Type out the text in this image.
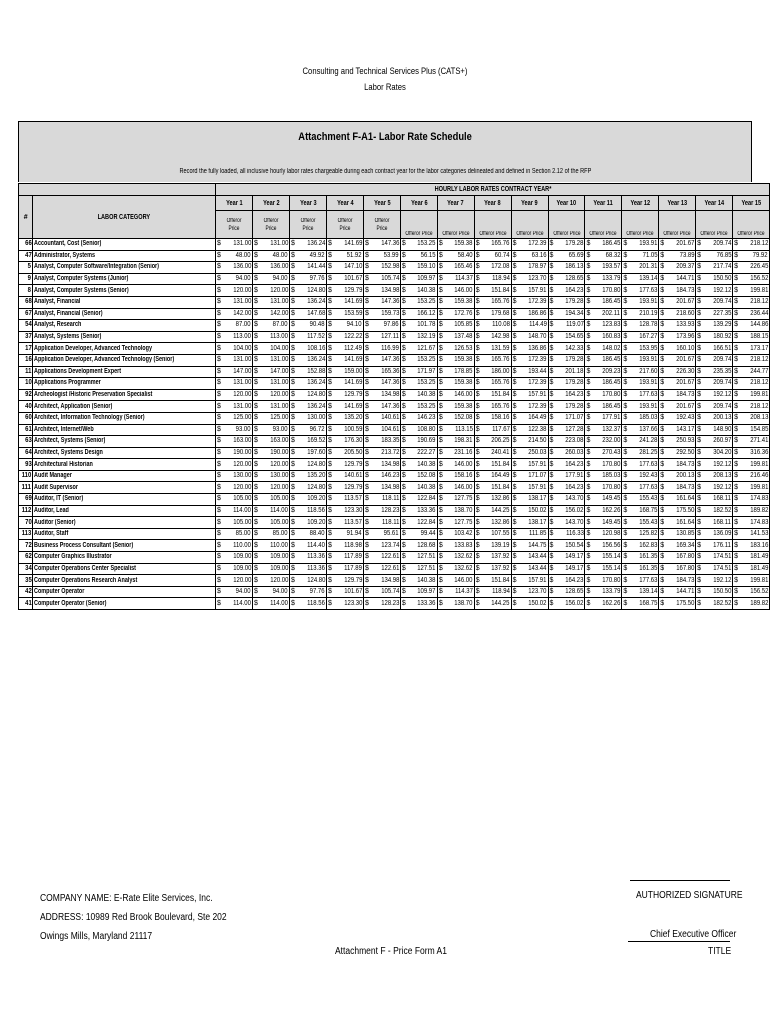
Consulting and Technical Services Plus (CATS+)
Labor Rates
Attachment F-A1- Labor Rate Schedule
Record the fully loaded, all inclusive hourly labor rates chargeable during each contract year for the labor categories delineated and defined in Section 2.12 of the RFP
		HOURLY LABOR RATES CONTRACT YEAR*														
#	LABOR CATEGORY	Year 1	Year 2	Year 3	Year 4	Year 5	Year 6	Year 7	Year 8	Year 9	Year 10	Year 11	Year 12	Year 13	Year 14	Year 15
		Offeror Price	Offeror Price	Offeror Price	Offeror Price	Offeror Price	Offeror Price	Offeror Price	Offeror Price	Offeror Price	Offeror Price	Offeror Price	Offeror Price	Offeror Price	Offeror Price	Offeror Price
66	Accountant, Cost (Senior)	$ 131.00	$ 131.00	$ 136.24	$ 141.69	$ 147.36	$ 153.25	$ 159.38	$ 165.76	$ 172.39	$ 179.28	$ 186.45	$ 193.91	$ 201.67	$ 209.74	$ 218.12
47	Administrator, Systems	$ 48.00	$ 48.00	$ 49.92	$ 51.92	$ 53.99	$ 56.15	$ 58.40	$ 60.74	$ 63.16	$ 65.69	$ 68.32	$ 71.05	$ 73.89	$ 76.85	$ 79.92
5	Analyst, Computer Software/Integration (Senior)	$ 136.00	$ 136.00	$ 141.44	$ 147.10	$ 152.98	$ 159.10	$ 165.46	$ 172.08	$ 178.97	$ 186.13	$ 193.57	$ 201.31	$ 209.37	$ 217.74	$ 226.45
9	Analyst, Computer Systems (Junior)	$ 94.00	$ 94.00	$ 97.76	$ 101.67	$ 105.74	$ 109.97	$ 114.37	$ 118.94	$ 123.70	$ 128.65	$ 133.79	$ 139.14	$ 144.71	$ 150.50	$ 156.52
8	Analyst, Computer Systems (Senior)	$ 120.00	$ 120.00	$ 124.80	$ 129.79	$ 134.98	$ 140.38	$ 146.00	$ 151.84	$ 157.91	$ 164.23	$ 170.80	$ 177.63	$ 184.73	$ 192.12	$ 199.81
68	Analyst, Financial	$ 131.00	$ 131.00	$ 136.24	$ 141.69	$ 147.36	$ 153.25	$ 159.38	$ 165.76	$ 172.39	$ 179.28	$ 186.45	$ 193.91	$ 201.67	$ 209.74	$ 218.12
67	Analyst, Financial (Senior)	$ 142.00	$ 142.00	$ 147.68	$ 153.59	$ 159.73	$ 166.12	$ 172.76	$ 179.68	$ 186.86	$ 194.34	$ 202.11	$ 210.19	$ 218.60	$ 227.35	$ 236.44
54	Analyst, Research	$ 87.00	$ 87.00	$ 90.48	$ 94.10	$ 97.86	$ 101.78	$ 105.85	$ 110.08	$ 114.49	$ 119.07	$ 123.83	$ 128.78	$ 133.93	$ 139.29	$ 144.86
37	Analyst, Systems (Senior)	$ 113.00	$ 113.00	$ 117.52	$ 122.22	$ 127.11	$ 132.19	$ 137.48	$ 142.98	$ 148.70	$ 154.65	$ 160.83	$ 167.27	$ 173.96	$ 180.92	$ 188.15
17	Application Developer, Advanced Technology	$ 104.00	$ 104.00	$ 108.16	$ 112.49	$ 116.99	$ 121.67	$ 126.53	$ 131.59	$ 136.86	$ 142.33	$ 148.02	$ 153.95	$ 160.10	$ 166.51	$ 173.17
16	Application Developer, Advanced Technology (Senior)	$ 131.00	$ 131.00	$ 136.24	$ 141.69	$ 147.36	$ 153.25	$ 159.38	$ 165.76	$ 172.39	$ 179.28	$ 186.45	$ 193.91	$ 201.67	$ 209.74	$ 218.12
11	Applications Development Expert	$ 147.00	$ 147.00	$ 152.88	$ 159.00	$ 165.36	$ 171.97	$ 178.85	$ 186.00	$ 193.44	$ 201.18	$ 209.23	$ 217.60	$ 226.30	$ 235.35	$ 244.77
10	Applications Programmer	$ 131.00	$ 131.00	$ 136.24	$ 141.69	$ 147.36	$ 153.25	$ 159.38	$ 165.76	$ 172.39	$ 179.28	$ 186.45	$ 193.91	$ 201.67	$ 209.74	$ 218.12
92	Archeologist /Historic Preservation Specialist	$ 120.00	$ 120.00	$ 124.80	$ 129.79	$ 134.98	$ 140.38	$ 146.00	$ 151.84	$ 157.91	$ 164.23	$ 170.80	$ 177.63	$ 184.73	$ 192.12	$ 199.81
40	Architect, Application (Senior)	$ 131.00	$ 131.00	$ 136.24	$ 141.69	$ 147.36	$ 153.25	$ 159.38	$ 165.76	$ 172.39	$ 179.28	$ 186.45	$ 193.91	$ 201.67	$ 209.74	$ 218.12
60	Architect, Information Technology (Senior)	$ 125.00	$ 125.00	$ 130.00	$ 135.20	$ 140.61	$ 146.23	$ 152.08	$ 158.16	$ 164.49	$ 171.07	$ 177.91	$ 185.03	$ 192.43	$ 200.13	$ 208.13
61	Architect, Internet/Web	$ 93.00	$ 93.00	$ 96.72	$ 100.59	$ 104.61	$ 108.80	$ 113.15	$ 117.67	$ 122.38	$ 127.28	$ 132.37	$ 137.66	$ 143.17	$ 148.90	$ 154.85
63	Architect, Systems (Senior)	$ 163.00	$ 163.00	$ 169.52	$ 176.30	$ 183.35	$ 190.69	$ 198.31	$ 206.25	$ 214.50	$ 223.08	$ 232.00	$ 241.28	$ 250.93	$ 260.97	$ 271.41
64	Architect, Systems Design	$ 190.00	$ 190.00	$ 197.60	$ 205.50	$ 213.72	$ 222.27	$ 231.16	$ 240.41	$ 250.03	$ 260.03	$ 270.43	$ 281.25	$ 292.50	$ 304.20	$ 316.36
93	Architectural Historian	$ 120.00	$ 120.00	$ 124.80	$ 129.79	$ 134.98	$ 140.38	$ 146.00	$ 151.84	$ 157.91	$ 164.23	$ 170.80	$ 177.63	$ 184.73	$ 192.12	$ 199.81
110	Audit Manager	$ 130.00	$ 130.00	$ 135.20	$ 140.61	$ 146.23	$ 152.08	$ 158.16	$ 164.49	$ 171.07	$ 177.91	$ 185.03	$ 192.43	$ 200.13	$ 208.13	$ 216.46
111	Audit Supervisor	$ 120.00	$ 120.00	$ 124.80	$ 129.79	$ 134.98	$ 140.38	$ 146.00	$ 151.84	$ 157.91	$ 164.23	$ 170.80	$ 177.63	$ 184.73	$ 192.12	$ 199.81
69	Auditor, IT (Senior)	$ 105.00	$ 105.00	$ 109.20	$ 113.57	$ 118.11	$ 122.84	$ 127.75	$ 132.86	$ 138.17	$ 143.70	$ 149.45	$ 155.43	$ 161.64	$ 168.11	$ 174.83
112	Auditor, Lead	$ 114.00	$ 114.00	$ 118.56	$ 123.30	$ 128.23	$ 133.36	$ 138.70	$ 144.25	$ 150.02	$ 156.02	$ 162.26	$ 168.75	$ 175.50	$ 182.52	$ 189.82
70	Auditor (Senior)	$ 105.00	$ 105.00	$ 109.20	$ 113.57	$ 118.11	$ 122.84	$ 127.75	$ 132.86	$ 138.17	$ 143.70	$ 149.45	$ 155.43	$ 161.64	$ 168.11	$ 174.83
113	Auditor, Staff	$ 85.00	$ 85.00	$ 88.40	$ 91.94	$ 95.61	$ 99.44	$ 103.42	$ 107.55	$ 111.85	$ 116.33	$ 120.98	$ 125.82	$ 130.85	$ 136.09	$ 141.53
72	Business Process Consultant (Senior)	$ 110.00	$ 110.00	$ 114.40	$ 118.98	$ 123.74	$ 128.68	$ 133.83	$ 139.19	$ 144.75	$ 150.54	$ 156.56	$ 162.83	$ 169.34	$ 176.11	$ 183.16
62	Computer Graphics Illustrator	$ 109.00	$ 109.00	$ 113.36	$ 117.89	$ 122.61	$ 127.51	$ 132.62	$ 137.92	$ 143.44	$ 149.17	$ 155.14	$ 161.35	$ 167.80	$ 174.51	$ 181.49
34	Computer Operations Center Specialist	$ 109.00	$ 109.00	$ 113.36	$ 117.89	$ 122.61	$ 127.51	$ 132.62	$ 137.92	$ 143.44	$ 149.17	$ 155.14	$ 161.35	$ 167.80	$ 174.51	$ 181.49
35	Computer Operations Research Analyst	$ 120.00	$ 120.00	$ 124.80	$ 129.79	$ 134.98	$ 140.38	$ 146.00	$ 151.84	$ 157.91	$ 164.23	$ 170.80	$ 177.63	$ 184.73	$ 192.12	$ 199.81
42	Computer Operator	$ 94.00	$ 94.00	$ 97.76	$ 101.67	$ 105.74	$ 109.97	$ 114.37	$ 118.94	$ 123.70	$ 128.65	$ 133.79	$ 139.14	$ 144.71	$ 150.50	$ 156.52
41	Computer Operator (Senior)	$ 114.00	$ 114.00	$ 118.56	$ 123.30	$ 128.23	$ 133.36	$ 138.70	$ 144.25	$ 150.02	$ 156.02	$ 162.26	$ 168.75	$ 175.50	$ 182.52	$ 189.82
COMPANY NAME: E-Rate Elite Services, Inc.
ADDRESS: 10989 Red Brook Boulevard, Ste 202
Owings Mills, Maryland 21117
Attachment F - Price Form A1
AUTHORIZED SIGNATURE
Chief Executive Officer
TITLE
